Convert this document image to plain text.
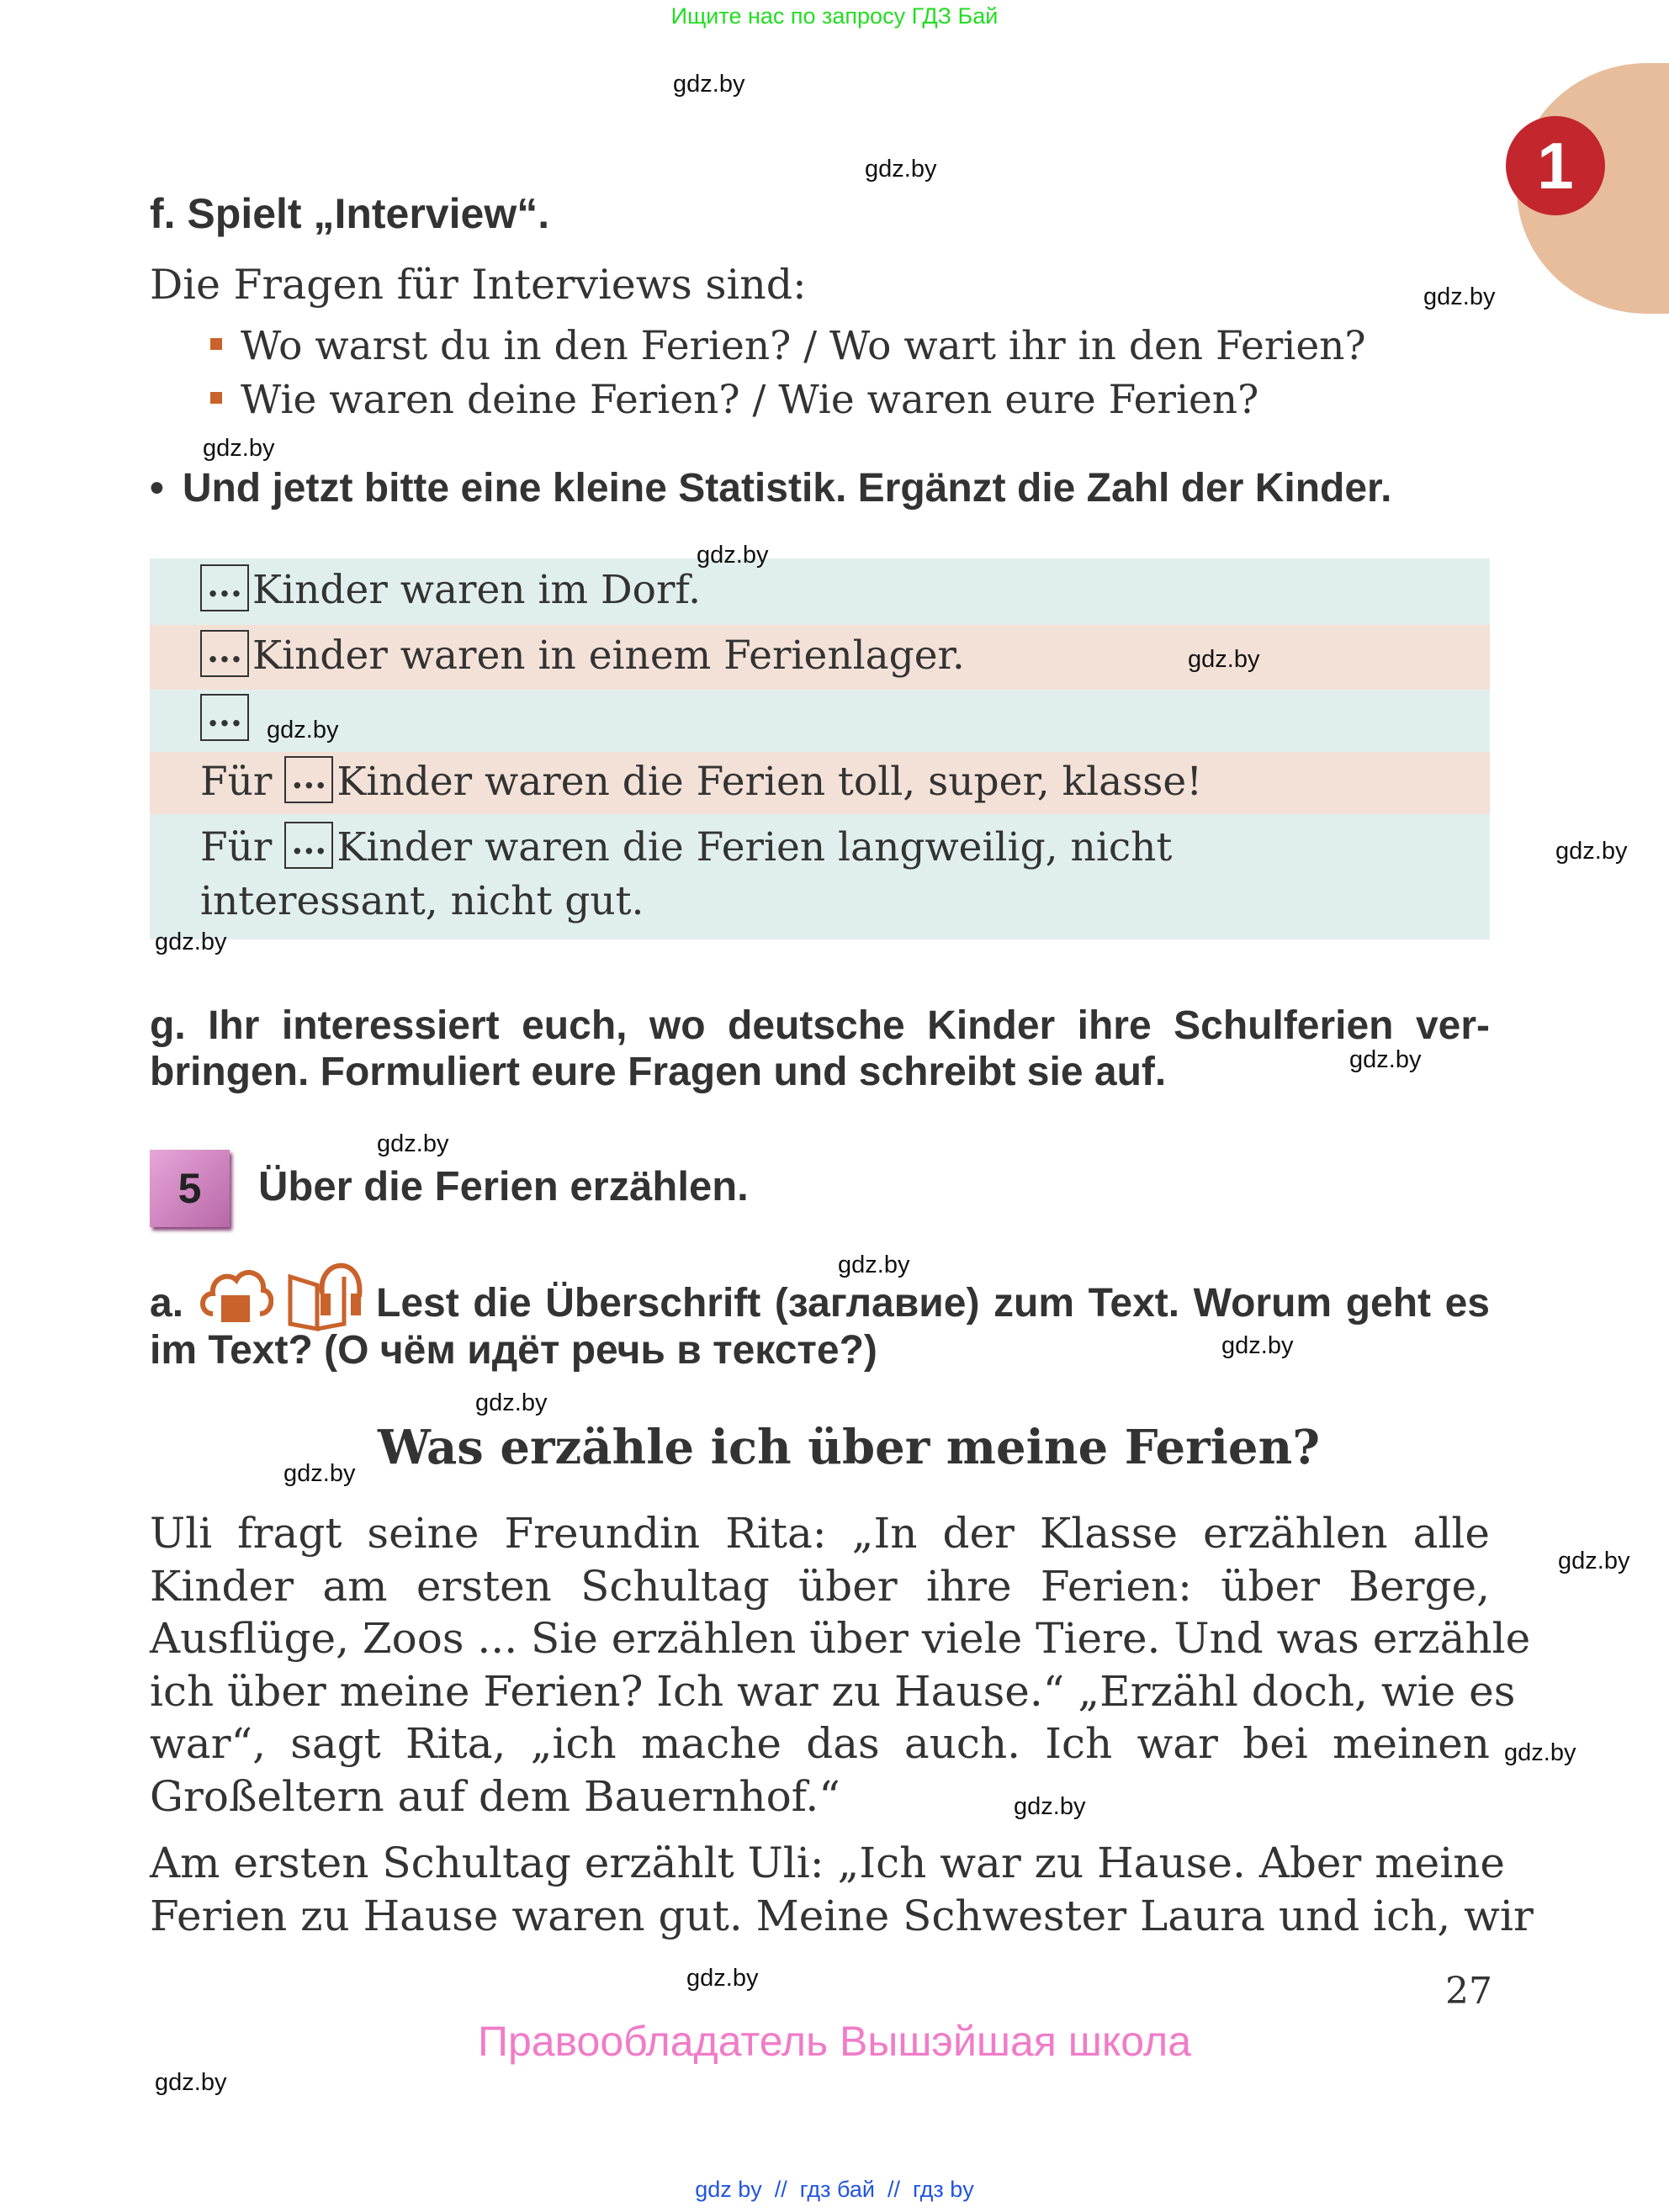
Ищите нас по запросу ГДЗ Бай
1
f. Spielt „Interview“.
Die Fragen für Interviews sind:
Wo warst du in den Ferien? / Wo wart ihr in den Ferien?
Wie waren deine Ferien? / Wie waren eure Ferien?
• Und jetzt bitte eine kleine Statistik. Ergänzt die Zahl der Kinder.
... Kinder waren im Dorf.
... Kinder waren in einem Ferienlager.
...
Für ... Kinder waren die Ferien toll, super, klasse!
Für ... Kinder waren die Ferien langweilig, nicht
interessant, nicht gut.
g. Ihr interessiert euch, wo deutsche Kinder ihre Schulferien ver-
bringen. Formuliert eure Fragen und schreibt sie auf.
5	Über die Ferien erzählen.
a.	Lest die Überschrift (заглавие) zum Text. Worum geht es
im Text? (О чём идёт речь в тексте?)
Was erzähle ich über meine Ferien?
Uli fragt seine Freundin Rita: „In der Klasse erzählen alle
Kinder am ersten Schultag über ihre Ferien: über Berge,
Ausflüge, Zoos ... Sie erzählen über viele Tiere. Und was erzähle
ich über meine Ferien? Ich war zu Hause.“ „Erzähl doch, wie es
war“, sagt Rita, „ich mache das auch. Ich war bei meinen
Großeltern auf dem Bauernhof.“
Am ersten Schultag erzählt Uli: „Ich war zu Hause. Aber meine
Ferien zu Hause waren gut. Meine Schwester Laura und ich, wir
27
Правообладатель Вышэйшая школа
gdz by  //  гдз бай  //  гдз by
gdz.by
gdz.by
gdz.by
gdz.by
gdz.by
gdz.by
gdz.by
gdz.by
gdz.by
gdz.by
gdz.by
gdz.by
gdz.by
gdz.by
gdz.by
gdz.by
gdz.by
gdz.by
gdz.by
gdz.by
